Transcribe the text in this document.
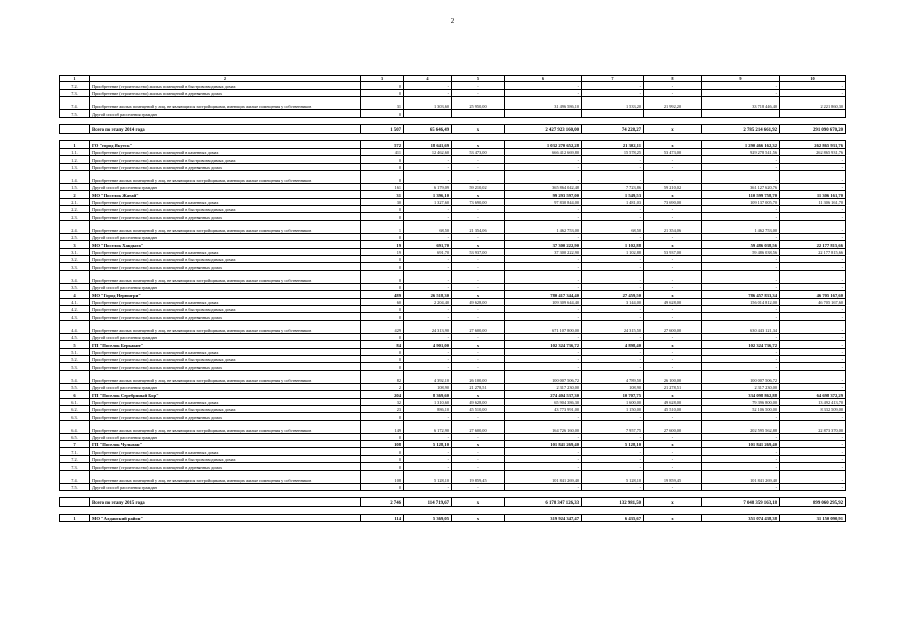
2
1	2	3	4	5	6	7	8	9	10
7.2.	Приобретение (строительство) жилых помещений в быстровозводимых домах	0	-	-	-	-	-	-	-
7.3.	Приобретение (строительство) жилых помещений в деревянных домах	0	-	-	-	-	-	-	-
7.4.	Приобретение жилых помещений у лиц, не являющихся застройщиками, имеющих жилые помещения у собственников	31	1 303,60	25 950,00	31 496 586,10	1 533,20	21 992,20	33 718 446,40	2 221 860,30
7.5.	Другой способ расселения граждан	0							

	Всего по этапу 2014 года	1 507	65 646,49	x	2 427 923 160,00	74 228,27	x	2 785 214 661,92	291 090 670,20

1	ГО "город Якутск"	572	18 641,69	x	1 032 270 652,28	21 302,11	x	1 290 466 162,32	262 865 931,76
1.1.	Приобретение (строительство) жилых помещений в каменных домах	411	12 462,60	53 473,00	666 412 669,80	15 578,25	53 473,00	929 278 541,56	262 865 931,76
1.2.	Приобретение (строительство) жилых помещений в быстровозводимых домах	0	-	-	-	-	-	-	-
1.3.	Приобретение (строительство) жилых помещений в деревянных домах	0	-	-	-	-	-	-	-
1.4.	Приобретение жилых помещений у лиц, не являющихся застройщиками, имеющих жилые помещения у собственников	0	-	-	-	-	-	-	-
1.5.	Другой способ расселения граждан	161	6 179,09	59 210,02	365 864 042,48	7 723,86	59 210,02	361 127 620,76	-
2	МО "Поселок Жатай"	31	1 396,10	x	99 293 597,00	1 549,53	x	110 599 758,70	11 306 161,70
2.1.	Приобретение (строительство) жилых помещений в каменных домах	30	1 327,60	73 690,00	97 830 844,00	1 481,03	73 690,00	109 137 005,70	11 306 161,70
2.2.	Приобретение (строительство) жилых помещений в быстровозводимых домах	0	-	-	-	-	-	-	-
2.3.	Приобретение (строительство) жилых помещений в деревянных домах	0	-	-	-	-	-	-	-
2.4.	Приобретение жилых помещений у лиц, не являющихся застройщиками, имеющих жилые помещения у собственников	1	68,50	21 354,06	1 462 753,00	68,50	21 354,06	1 462 753,00	-
2.5.	Другой способ расселения граждан	0	-	-	-	-	-	-	-
3	МО "Поселок Хандыга"	19	691,70	x	37 300 222,90	1 102,88	x	59 486 038,56	22 177 815,66
3.1.	Приобретение (строительство) жилых помещений в каменных домах	19	691,70	53 937,00	37 300 222,90	1 102,88	53 937,00	59 486 038,56	22 177 815,66
3.2.	Приобретение (строительство) жилых помещений в быстровозводимых домах	0	-	-	-	-	-	-	-
3.3.	Приобретение (строительство) жилых помещений в деревянных домах	0	-	-	-	-	-	-	-
3.4.	Приобретение жилых помещений у лиц, не являющихся застройщиками, имеющих жилые помещения у собственников	0	-	-	-	-	-	-	-
3.5.	Другой способ расселения граждан	0	-	-	-	-	-	-	-
4	МО "Город Нерюнгри"	489	26 518,30	x	780 417 344,40	27 459,50	x	786 457 833,34	46 705 167,60
4.1.	Приобретение (строительство) жилых помещений в каменных домах	60	2 204,40	49 628,00	109 309 644,40	3 144,00	49 628,00	156 014 812,00	46 705 167,60
4.2.	Приобретение (строительство) жилых помещений в быстровозводимых домах	0	-	-	-	-	-	-	-
4.3.	Приобретение (строительство) жилых помещений в деревянных домах	0	-	-	-	-	-	-	-
4.4.	Приобретение жилых помещений у лиц, не являющихся застройщиками, имеющих жилые помещения у собственников	429	24 313,90	27 600,00	671 107 800,00	24 315,50	27 600,00	630 443 121,34	-
4.5.	Другой способ расселения граждан	0	-	-	-	-	-	-	-
5	ГП "Поселок Беркакит"	84	4 901,00	x	102 324 736,72	4 898,40	x	102 324 736,72	-
5.1.	Приобретение (строительство) жилых помещений в каменных домах	0	-	-	-	-	-	-	-
5.2.	Приобретение (строительство) жилых помещений в быстровозводимых домах	0	-	-	-	-	-	-	-
5.3.	Приобретение (строительство) жилых помещений в деревянных домах	0	-	-	-	-	-	-	-
5.4.	Приобретение жилых помещений у лиц, не являющихся застройщиками, имеющих жилые помещения у собственников	82	4 392,10	26 100,00	100 007 506,72	4 789,50	26 100,00	100 007 506,72	-
5.5.	Другой способ расселения граждан	2	108,90	21 278,51	2 317 230,00	108,90	21 278,51	2 317 230,00	-
6	ГП "Поселок Серебряный Бор"	204	8 369,60	x	274 404 537,30	10 707,75	x	334 098 862,88	64 698 372,29
6.1.	Приобретение (строительство) жилых помещений в каменных домах	32	1 310,60	49 628,00	65 904 386,30	1 600,00	49 628,00	79 396 800,00	13 492 413,70
6.2.	Приобретение (строительство) жилых помещений в быстровозводимых домах	23	886,10	45 510,00	43 773 991,00	1 150,00	45 510,00	52 106 500,00	8 332 509,00
6.3.	Приобретение (строительство) жилых помещений в деревянных домах	0	-	-	-	-	-	-	-
6.4.	Приобретение жилых помещений у лиц, не являющихся застройщиками, имеющих жилые помещения у собственников	149	6 172,90	27 600,00	164 726 160,00	7 957,75	27 600,00	202 595 562,88	22 873 370,00
6.5.	Другой способ расселения граждан	0	-	-	-	-	-	-	-
7	ГП "Поселок Чульман"	108	5 128,10	x	101 841 269,40	5 128,10	x	101 841 269,40	-
7.1.	Приобретение (строительство) жилых помещений в каменных домах	0	-	-	-	-	-	-	-
7.2.	Приобретение (строительство) жилых помещений в быстровозводимых домах	0	-	-	-	-	-	-	-
7.3.	Приобретение (строительство) жилых помещений в деревянных домах	0	-	-	-	-	-	-	-
7.4.	Приобретение жилых помещений у лиц, не являющихся застройщиками, имеющих жилые помещения у собственников	108	5 128,10	19 859,45	101 841 269,40	5 128,10	19 859,45	101 841 269,40	-
7.5.	Другой способ расселения граждан	0	-	-	-	-	-	-	-

	Всего по этапу 2015 года	2 746	114 719,67	x	6 178 347 126,33	132 981,50	x	7 048 359 163,18	899 060 295,92

1	МО "Алданский район"	114	5 369,05	x	319 924 347,47	6 435,67	x	351 074 438,38	31 150 090,91
